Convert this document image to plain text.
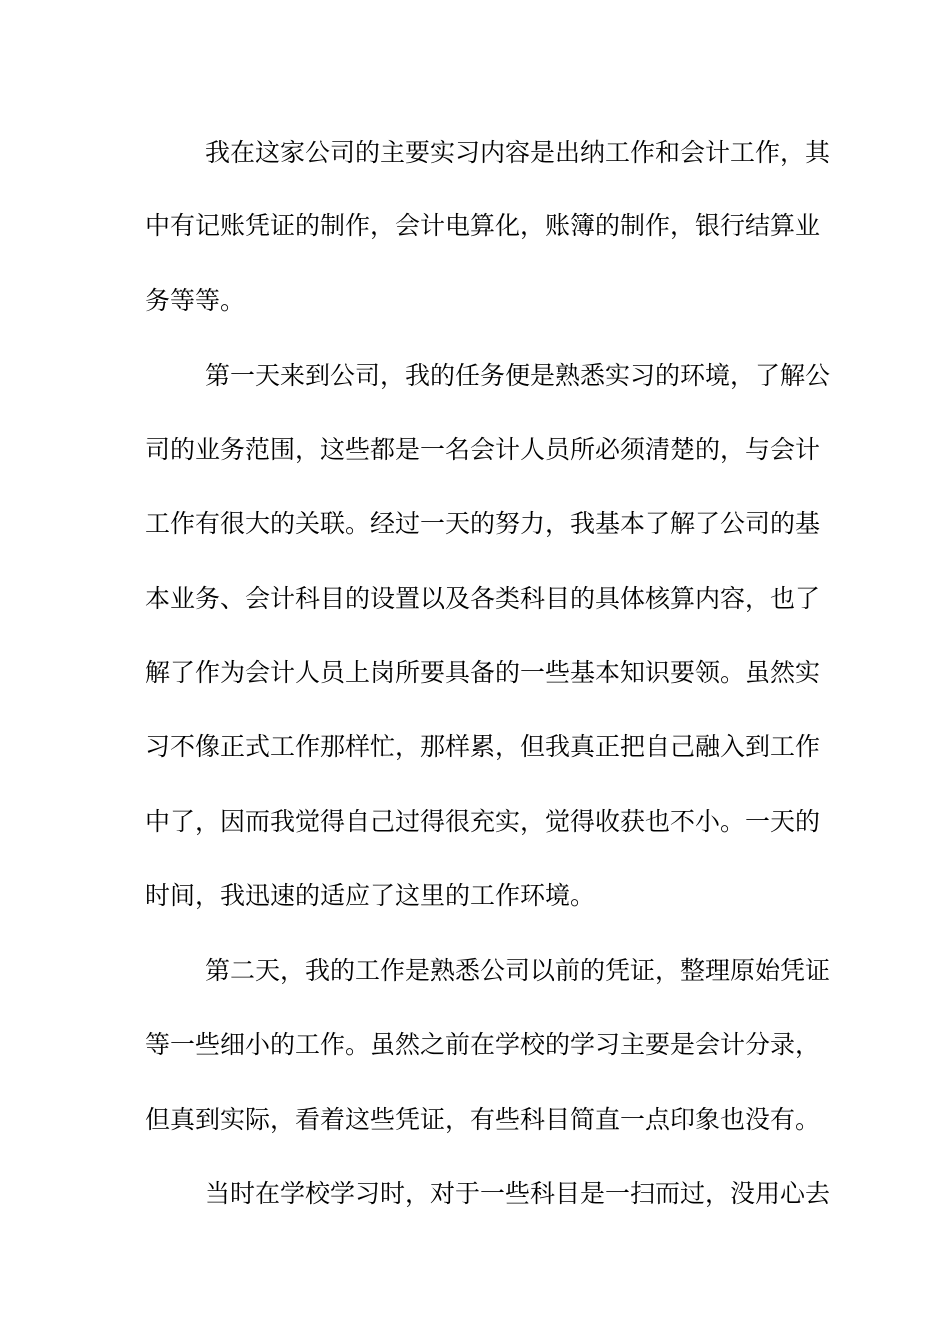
我在这家公司的主要实习内容是出纳工作和会计工作，其
中有记账凭证的制作，会计电算化，账簿的制作，银行结算业
务等等。
第一天来到公司，我的任务便是熟悉实习的环境，了解公
司的业务范围，这些都是一名会计人员所必须清楚的，与会计
工作有很大的关联。经过一天的努力，我基本了解了公司的基
本业务、会计科目的设置以及各类科目的具体核算内容，也了
解了作为会计人员上岗所要具备的一些基本知识要领。虽然实
习不像正式工作那样忙，那样累，但我真正把自己融入到工作
中了，因而我觉得自己过得很充实，觉得收获也不小。一天的
时间，我迅速的适应了这里的工作环境。
第二天，我的工作是熟悉公司以前的凭证，整理原始凭证
等一些细小的工作。虽然之前在学校的学习主要是会计分录，
但真到实际，看着这些凭证，有些科目简直一点印象也没有。
当时在学校学习时，对于一些科目是一扫而过，没用心去
